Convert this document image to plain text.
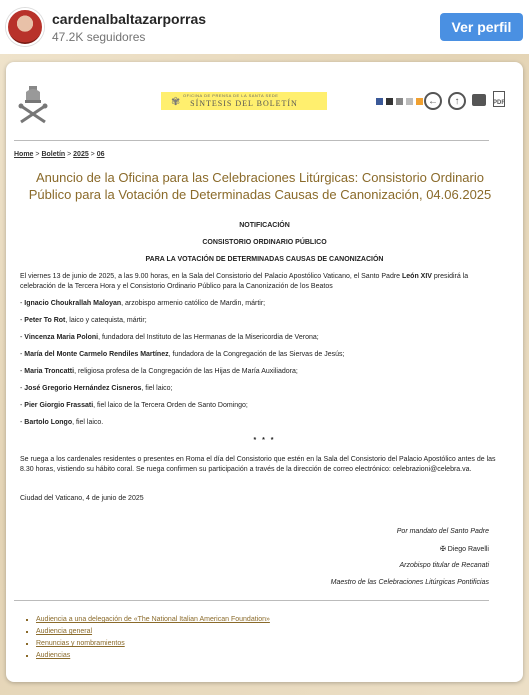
cardenalbaltazarporras
47.2K seguidores
Ver perfil
✾
OFICINA DE PRENSA DE LA SANTA SEDE
SÍNTESIS DEL BOLETÍN	←	↑	PDF
Home > Boletín > 2025 > 06
Anuncio de la Oficina para las Celebraciones Litúrgicas: Consistorio Ordinario Público para la Votación de Determinadas Causas de Canonización, 04.06.2025
NOTIFICACIÓN
CONSISTORIO ORDINARIO PÚBLICO
PARA LA VOTACIÓN DE DETERMINADAS CAUSAS DE CANONIZACIÓN
El viernes 13 de junio de 2025, a las 9.00 horas, en la Sala del Consistorio del Palacio Apostólico Vaticano, el Santo Padre León XIV presidirá la celebración de la Tercera Hora y el Consistorio Ordinario Público para la Canonización de los Beatos
- Ignacio Choukrallah Maloyan, arzobispo armenio católico de Mardin, mártir;
- Peter To Rot, laico y catequista, mártir;
- Vincenza Maria Poloni, fundadora del Instituto de las Hermanas de la Misericordia de Verona;
- María del Monte Carmelo Rendiles Martínez, fundadora de la Congregación de las Siervas de Jesús;
- Maria Troncatti, religiosa profesa de la Congregación de las Hijas de María Auxiliadora;
- José Gregorio Hernández Cisneros, fiel laico;
- Pier Giorgio Frassati, fiel laico de la Tercera Orden de Santo Domingo;
- Bartolo Longo, fiel laico.
* * *
Se ruega a los cardenales residentes o presentes en Roma el día del Consistorio que estén en la Sala del Consistorio del Palacio Apostólico antes de las 8.30 horas, vistiendo su hábito coral. Se ruega confirmen su participación a través de la dirección de correo electrónico: celebrazioni@celebra.va.
Ciudad del Vaticano, 4 de junio de 2025
Por mandato del Santo Padre
✠ Diego Ravelli
Arzobispo titular de Recanati
Maestro de las Celebraciones Litúrgicas Pontificias
▪ Audiencia a una delegación de «The National Italian American Foundation»
▪ Audiencia general
▪ Renuncias y nombramientos
▪ Audiencias
